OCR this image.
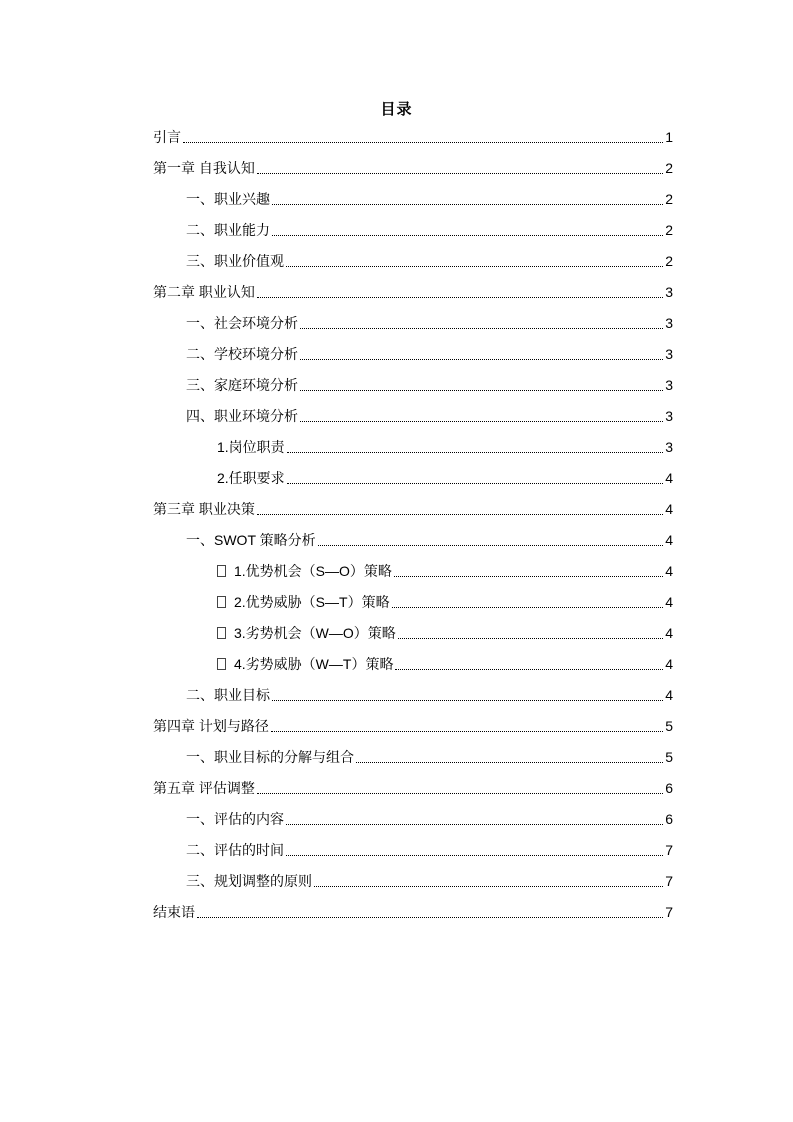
目录
引言	1
第一章 自我认知	2
一、职业兴趣	2
二、职业能力	2
三、职业价值观	2
第二章 职业认知	3
一、社会环境分析	3
二、学校环境分析	3
三、家庭环境分析	3
四、职业环境分析	3
1.岗位职责	3
2.任职要求	4
第三章 职业决策	4
一、SWOT 策略分析	4
1.优势机会（S—O）策略	4
2.优势威胁（S—T）策略	4
3.劣势机会（W—O）策略	4
4.劣势威胁（W—T）策略	4
二、职业目标	4
第四章 计划与路径	5
一、职业目标的分解与组合	5
第五章 评估调整	6
一、评估的内容	6
二、评估的时间	7
三、规划调整的原则	7
结束语	7
